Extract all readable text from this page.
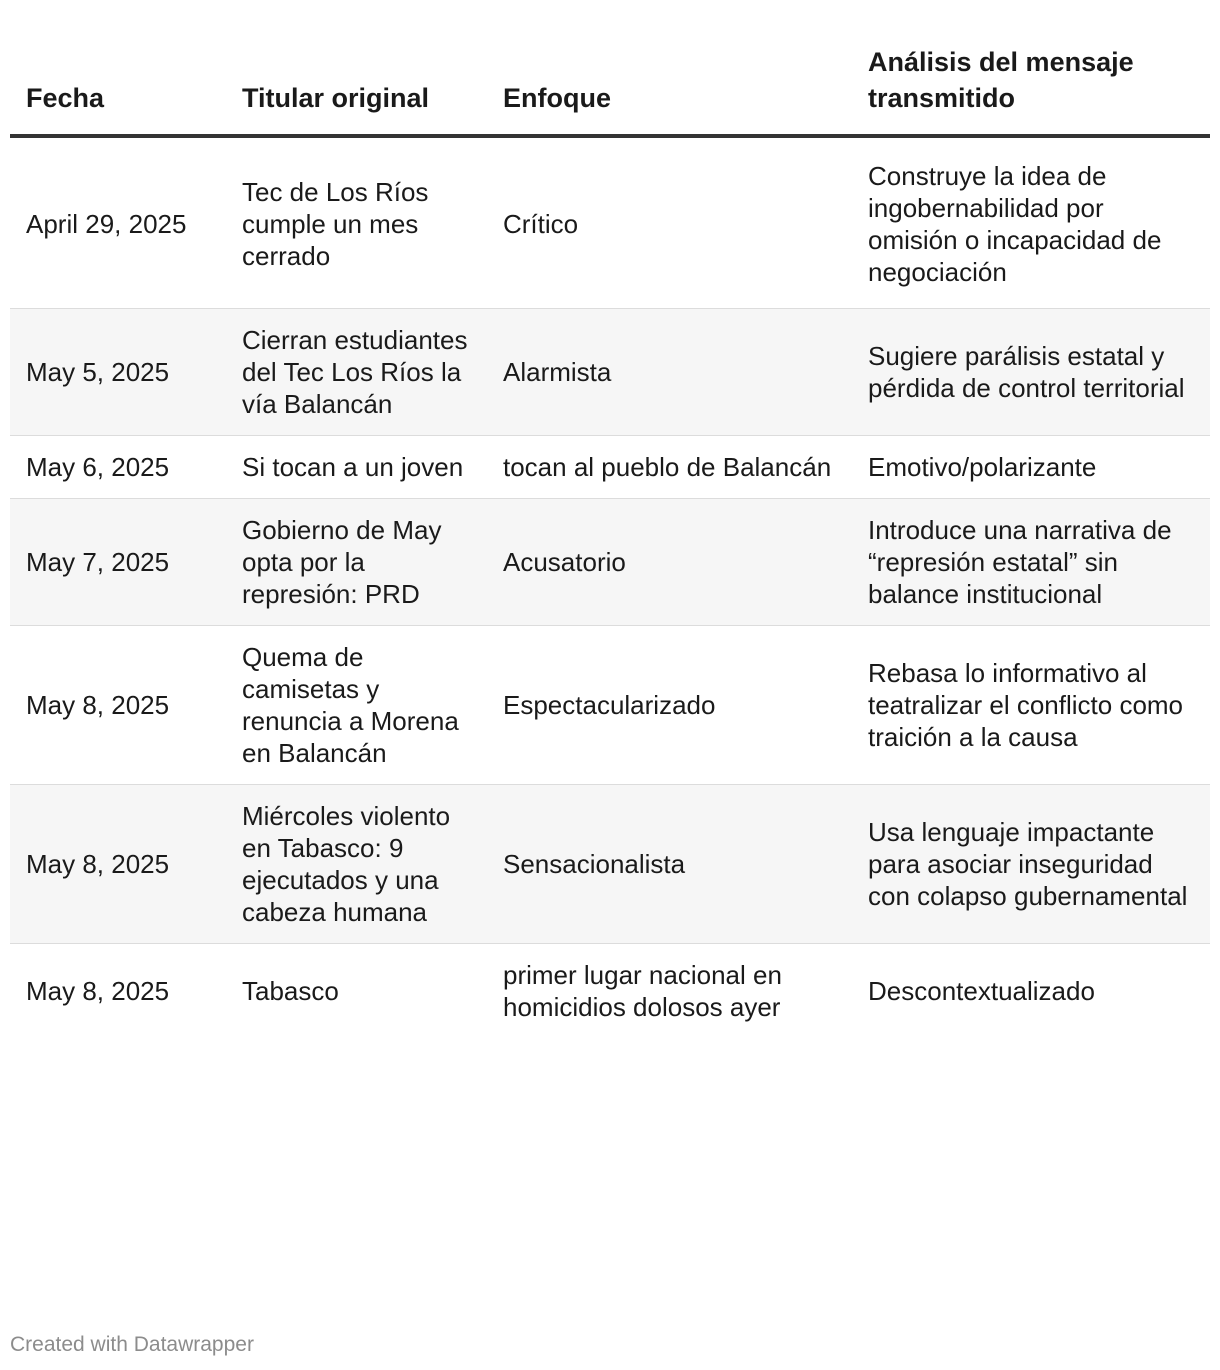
Fecha	Titular original	Enfoque	Análisis del mensaje transmitido
April 29, 2025	Tec de Los Ríos cumple un mes cerrado	Crítico	Construye la idea de ingobernabilidad por omisión o incapacidad de negociación
May 5, 2025	Cierran estudiantes del Tec Los Ríos la vía Balancán	Alarmista	Sugiere parálisis estatal y pérdida de control territorial
May 6, 2025	Si tocan a un joven	tocan al pueblo de Balancán	Emotivo/polarizante
May 7, 2025	Gobierno de May opta por la represión: PRD	Acusatorio	Introduce una narrativa de “represión estatal” sin balance institucional
May 8, 2025	Quema de camisetas y renuncia a Morena en Balancán	Espectacularizado	Rebasa lo informativo al teatralizar el conflicto como traición a la causa
May 8, 2025	Miércoles violento en Tabasco: 9 ejecutados y una cabeza humana	Sensacionalista	Usa lenguaje impactante para asociar inseguridad con colapso gubernamental
May 8, 2025	Tabasco	primer lugar nacional en homicidios dolosos ayer	Descontextualizado
Created with Datawrapper
